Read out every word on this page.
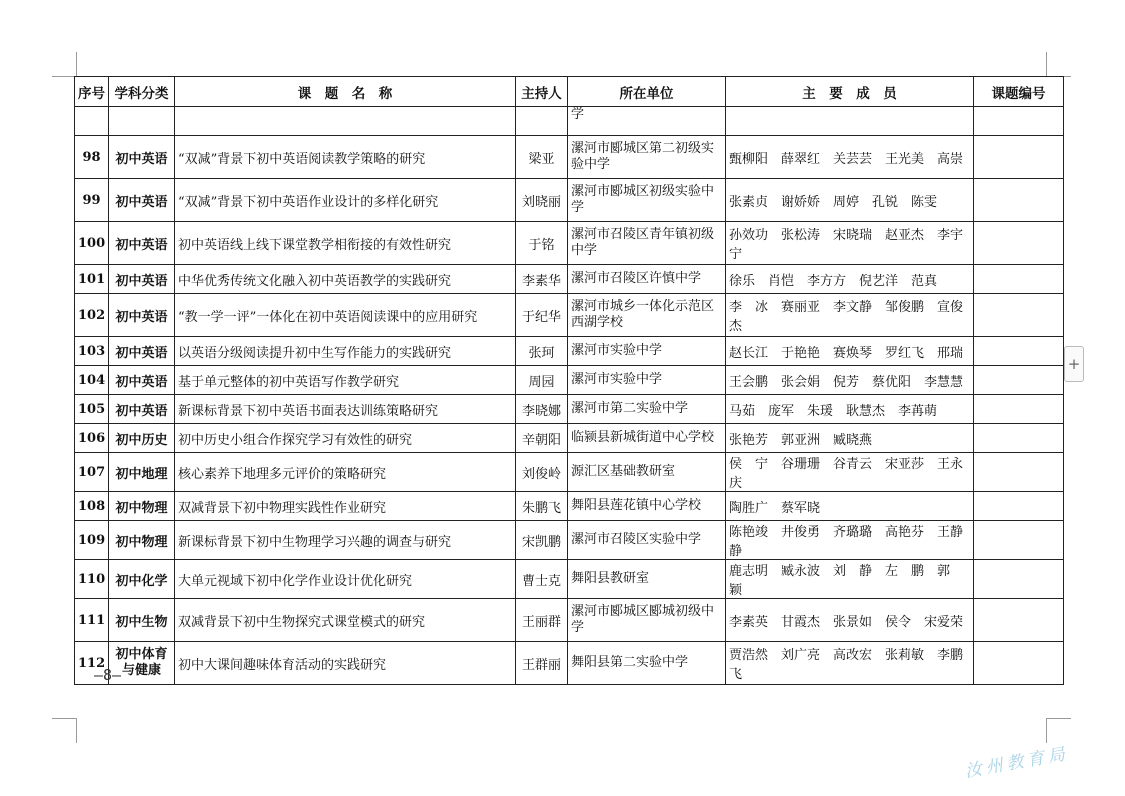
序号	学科分类	课　题　名　称	主持人	所在单位	主　要　成　员	课题编号
				学		
98	初中英语	“双减”背景下初中英语阅读教学策略的研究	梁亚	漯河市郾城区第二初级实验中学	甄柳阳　薛翠红　关芸芸　王光美　高崇	
99	初中英语	“双减”背景下初中英语作业设计的多样化研究	刘晓丽	漯河市郾城区初级实验中学	张素贞　谢娇娇　周婷　孔锐　陈雯	
100	初中英语	初中英语线上线下课堂教学相衔接的有效性研究	于铭	漯河市召陵区青年镇初级中学	孙效功　张松涛　宋晓瑞　赵亚杰　李宇宁	
101	初中英语	中华优秀传统文化融入初中英语教学的实践研究	李素华	漯河市召陵区许慎中学	徐乐　肖恺　李方方　倪艺洋　范真	
102	初中英语	“教一学一评”一体化在初中英语阅读课中的应用研究	于纪华	漯河市城乡一体化示范区西湖学校	李　冰　赛丽亚　李文静　邹俊鹏　宣俊杰	
103	初中英语	以英语分级阅读提升初中生写作能力的实践研究	张珂	漯河市实验中学	赵长江　于艳艳　赛焕琴　罗红飞　邢瑞	
104	初中英语	基于单元整体的初中英语写作教学研究	周园	漯河市实验中学	王会鹏　张会娟　倪芳　蔡优阳　李慧慧	
105	初中英语	新课标背景下初中英语书面表达训练策略研究	李晓娜	漯河市第二实验中学	马茹　庞军　朱瑗　耿慧杰　李苒萌	
106	初中历史	初中历史小组合作探究学习有效性的研究	辛朝阳	临颍县新城街道中心学校	张艳芳　郭亚洲　臧晓燕	
107	初中地理	核心素养下地理多元评价的策略研究	刘俊岭	源汇区基础教研室	侯　宁　谷珊珊　谷青云　宋亚莎　王永庆	
108	初中物理	双减背景下初中物理实践性作业研究	朱鹏飞	舞阳县莲花镇中心学校	陶胜广　蔡军晓	
109	初中物理	新课标背景下初中生物理学习兴趣的调查与研究	宋凯鹏	漯河市召陵区实验中学	陈艳竣　井俊勇　齐璐璐　高艳芬　王静静	
110	初中化学	大单元视域下初中化学作业设计优化研究	曹士克	舞阳县教研室	鹿志明　臧永波　刘　静　左　鹏　郭　颖	
111	初中生物	双减背景下初中生物探究式课堂模式的研究	王丽群	漯河市郾城区郾城初级中学	李素英　甘霞杰　张景如　侯令　宋爱荣	
112	初中体育与健康	初中大课间趣味体育活动的实践研究	王群丽	舞阳县第二实验中学	贾浩然　刘广亮　高改宏　张莉敏　李鹏飞	
—8—
+
汝州教育局
